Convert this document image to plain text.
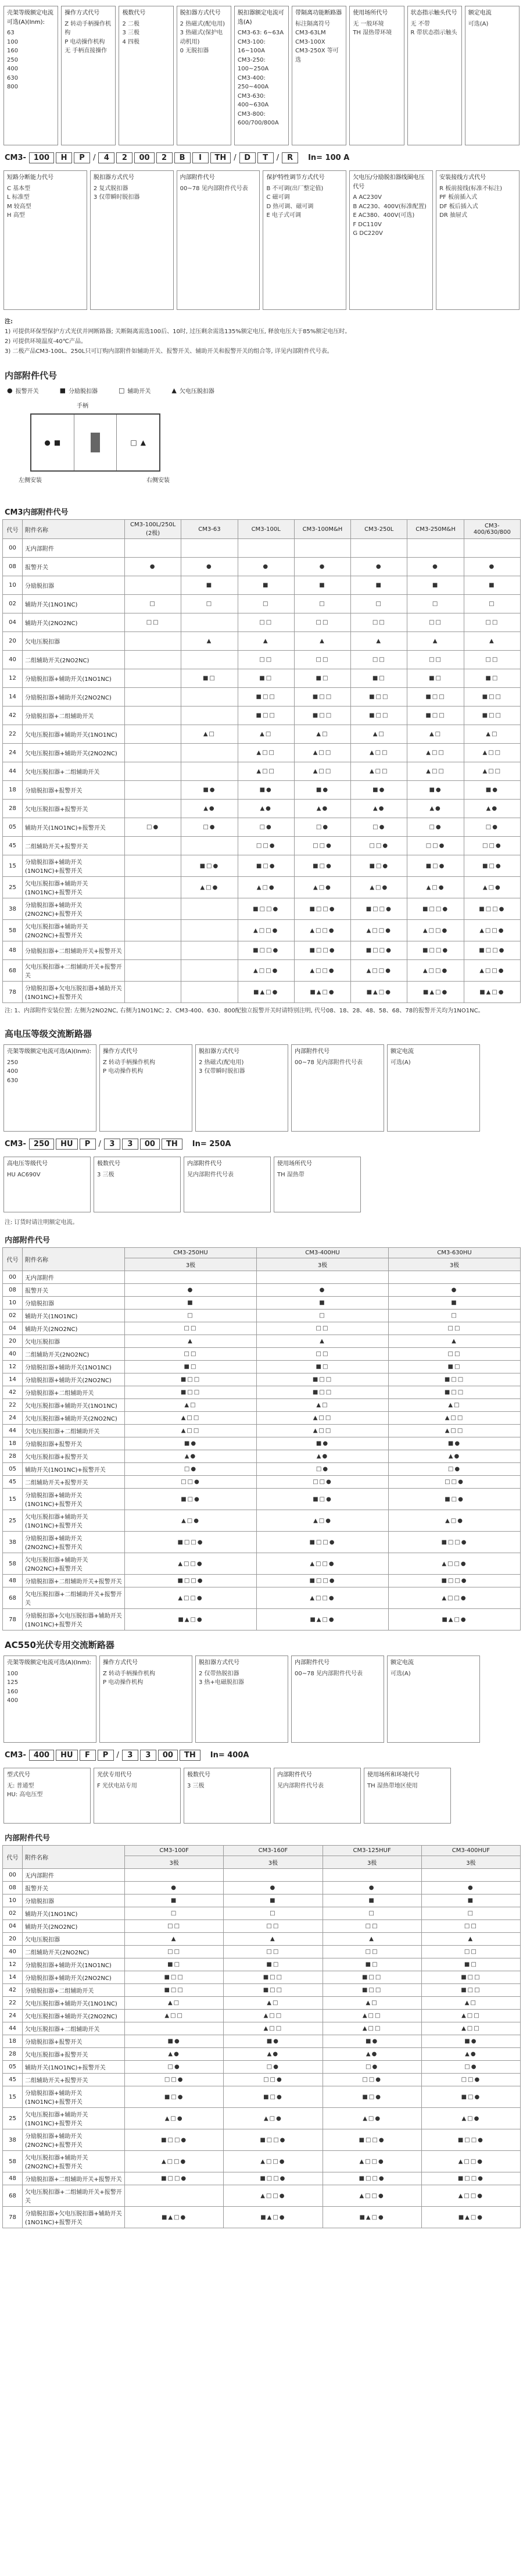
壳架等级额定电流可选(A)(Inm):
63
100
160
250
400
630
800
操作方式代号
Z 转动手柄操作机构
P 电动操作机构
无 手柄直接操作
极数代号
2 二极
3 三极
4 四极
脱扣器方式代号
2 热磁式(配电用)
3 热磁式(保护电动机用)
0 无脱扣器
脱扣器额定电流可选(A)
CM3-63: 6~63A
CM3-100: 16~100A
CM3-250: 100~250A
CM3-400: 250~400A
CM3-630: 400~630A
CM3-800: 600/700/800A
带隔离功能断路器
标注隔离符号
CM3-63LM
CM3-100X
CM3-250X 等可选
使用场所代号
无 一般环境
TH 湿热带环境
状态指示触头代号
无 不带
R 带状态指示触头
额定电流
可选(A)
CM3-	100	H	P	/	4	2	00	2	B	I	TH	/	D	T	/	R	In= 100 A
短路分断能力代号
C 基本型
L 标准型
M 较高型
H 高型
脱扣器方式代号
2 复式脱扣器
3 仅带瞬时脱扣器
内部附件代号
00~78 见内部附件代号表
保护特性调节方式代号
B 不可调(出厂整定值)
C 磁可调
D 热可调、磁可调
E 电子式可调
欠电压/分励脱扣器线圈电压代号
A AC230V
B AC230、400V(标准配置)
E AC380、400V(可选)
F DC110V
G DC220V
安装接线方式代号
R 板前接线(标准不标注)
PF 板前插入式
DF 板后插入式
DR 抽屉式
注:
1) 可提供环保型保护方式光伏并网断路器; 关断隔离需选100后、10时, 过压剩余需选135%额定电压, 释放电压大于85%额定电压时。
2) 可提供环境温度-40℃产品。
3) 二极产品CM3-100L、250L只可订购内部附件如辅助开关、报警开关、辅助开关和报警开关的组合等, 详见内部附件代号表。
内部附件代号
● 报警开关	■ 分励脱扣器	□ 辅助开关	▲ 欠电压脱扣器
手柄
● ■	□ ▲
左侧安装	右侧安装
CM3内部附件代号
代号	附件名称	CM3-100L/250L (2极)	CM3-63	CM3-100L	CM3-100M&H	CM3-250L	CM3-250M&H	CM3-400/630/800
00	无内部附件							
08	报警开关	●	●	●	●	●	●	●
10	分励脱扣器		■	■	■	■	■	■
02	辅助开关(1NO1NC)	□	□	□	□	□	□	□
04	辅助开关(2NO2NC)	□□		□□	□□	□□	□□	□□
20	欠电压脱扣器		▲	▲	▲	▲	▲	▲
40	二组辅助开关(2NO2NC)			□□	□□	□□	□□	□□
12	分励脱扣器+辅助开关(1NO1NC)		■□	■□	■□	■□	■□	■□
14	分励脱扣器+辅助开关(2NO2NC)			■□□	■□□	■□□	■□□	■□□
42	分励脱扣器+二组辅助开关			■□□	■□□	■□□	■□□	■□□
22	欠电压脱扣器+辅助开关(1NO1NC)		▲□	▲□	▲□	▲□	▲□	▲□
24	欠电压脱扣器+辅助开关(2NO2NC)			▲□□	▲□□	▲□□	▲□□	▲□□
44	欠电压脱扣器+二组辅助开关			▲□□	▲□□	▲□□	▲□□	▲□□
18	分励脱扣器+报警开关		■●	■●	■●	■●	■●	■●
28	欠电压脱扣器+报警开关		▲●	▲●	▲●	▲●	▲●	▲●
05	辅助开关(1NO1NC)+报警开关	□●	□●	□●	□●	□●	□●	□●
45	二组辅助开关+报警开关			□□●	□□●	□□●	□□●	□□●
15	分励脱扣器+辅助开关(1NO1NC)+报警开关		■□●	■□●	■□●	■□●	■□●	■□●
25	欠电压脱扣器+辅助开关(1NO1NC)+报警开关		▲□●	▲□●	▲□●	▲□●	▲□●	▲□●
38	分励脱扣器+辅助开关(2NO2NC)+报警开关			■□□●	■□□●	■□□●	■□□●	■□□●
58	欠电压脱扣器+辅助开关(2NO2NC)+报警开关			▲□□●	▲□□●	▲□□●	▲□□●	▲□□●
48	分励脱扣器+二组辅助开关+报警开关			■□□●	■□□●	■□□●	■□□●	■□□●
68	欠电压脱扣器+二组辅助开关+报警开关			▲□□●	▲□□●	▲□□●	▲□□●	▲□□●
78	分励脱扣器+欠电压脱扣器+辅助开关(1NO1NC)+报警开关			■▲□●	■▲□●	■▲□●	■▲□●	■▲□●
注: 1、内部附件安装位置: 左侧为2NO2NC, 右侧为1NO1NC; 2、CM3-400、630、800配独立报警开关时请特别注明, 代号08、18、28、48、58、68、78的报警开关均为1NO1NC。
高电压等级交流断路器
壳架等级额定电流可选(A)(Inm):
250
400
630
操作方式代号
Z 转动手柄操作机构
P 电动操作机构
脱扣器方式代号
2 热磁式(配电用)
3 仅带瞬时脱扣器
内部附件代号
00~78 见内部附件代号表
额定电流
可选(A)
CM3-	250	HU	P	/	3	3	00	TH	In= 250A
高电压等级代号
HU AC690V
极数代号
3 三极
内部附件代号
见内部附件代号表
使用场所代号
TH 湿热带
注: 订货时请注明额定电流。
内部附件代号
代号	附件名称	CM3-250HU	CM3-400HU	CM3-630HU
		3极	3极	3极
00	无内部附件			
08	报警开关	●	●	●
10	分励脱扣器	■	■	■
02	辅助开关(1NO1NC)	□	□	□
04	辅助开关(2NO2NC)	□□	□□	□□
20	欠电压脱扣器	▲	▲	▲
40	二组辅助开关(2NO2NC)	□□	□□	□□
12	分励脱扣器+辅助开关(1NO1NC)	■□	■□	■□
14	分励脱扣器+辅助开关(2NO2NC)	■□□	■□□	■□□
42	分励脱扣器+二组辅助开关	■□□	■□□	■□□
22	欠电压脱扣器+辅助开关(1NO1NC)	▲□	▲□	▲□
24	欠电压脱扣器+辅助开关(2NO2NC)	▲□□	▲□□	▲□□
44	欠电压脱扣器+二组辅助开关	▲□□	▲□□	▲□□
18	分励脱扣器+报警开关	■●	■●	■●
28	欠电压脱扣器+报警开关	▲●	▲●	▲●
05	辅助开关(1NO1NC)+报警开关	□●	□●	□●
45	二组辅助开关+报警开关	□□●	□□●	□□●
15	分励脱扣器+辅助开关(1NO1NC)+报警开关	■□●	■□●	■□●
25	欠电压脱扣器+辅助开关(1NO1NC)+报警开关	▲□●	▲□●	▲□●
38	分励脱扣器+辅助开关(2NO2NC)+报警开关	■□□●	■□□●	■□□●
58	欠电压脱扣器+辅助开关(2NO2NC)+报警开关	▲□□●	▲□□●	▲□□●
48	分励脱扣器+二组辅助开关+报警开关	■□□●	■□□●	■□□●
68	欠电压脱扣器+二组辅助开关+报警开关	▲□□●	▲□□●	▲□□●
78	分励脱扣器+欠电压脱扣器+辅助开关(1NO1NC)+报警开关	■▲□●	■▲□●	■▲□●
AC550光伏专用交流断路器
壳架等级额定电流可选(A)(Inm):
100
125
160
400
操作方式代号
Z 转动手柄操作机构
P 电动操作机构
脱扣器方式代号
2 仅带热脱扣器
3 热+电磁脱扣器
内部附件代号
00~78 见内部附件代号表
额定电流
可选(A)
CM3-	400	HU	F	P	/	3	3	00	TH	In= 400A
型式代号
无: 普通型
HU: 高电压型
光伏专用代号
F 光伏电站专用
极数代号
3 三极
内部附件代号
见内部附件代号表
使用场所和环境代号
TH 湿热带地区使用
内部附件代号
代号	附件名称	CM3-100F	CM3-160F	CM3-125HUF	CM3-400HUF
		3极	3极	3极	3极
00	无内部附件				
08	报警开关	●	●	●	●
10	分励脱扣器	■	■	■	■
02	辅助开关(1NO1NC)	□	□	□	□
04	辅助开关(2NO2NC)	□□	□□	□□	□□
20	欠电压脱扣器	▲	▲	▲	▲
40	二组辅助开关(2NO2NC)	□□	□□	□□	□□
12	分励脱扣器+辅助开关(1NO1NC)	■□	■□	■□	■□
14	分励脱扣器+辅助开关(2NO2NC)	■□□	■□□	■□□	■□□
42	分励脱扣器+二组辅助开关	■□□	■□□	■□□	■□□
22	欠电压脱扣器+辅助开关(1NO1NC)	▲□	▲□	▲□	▲□
24	欠电压脱扣器+辅助开关(2NO2NC)	▲□□	▲□□	▲□□	▲□□
44	欠电压脱扣器+二组辅助开关		▲□□	▲□□	▲□□
18	分励脱扣器+报警开关	■●	■●	■●	■●
28	欠电压脱扣器+报警开关	▲●	▲●	▲●	▲●
05	辅助开关(1NO1NC)+报警开关	□●	□●	□●	□●
45	二组辅助开关+报警开关	□□●	□□●	□□●	□□●
15	分励脱扣器+辅助开关(1NO1NC)+报警开关	■□●	■□●	■□●	■□●
25	欠电压脱扣器+辅助开关(1NO1NC)+报警开关	▲□●	▲□●	▲□●	▲□●
38	分励脱扣器+辅助开关(2NO2NC)+报警开关	■□□●	■□□●	■□□●	■□□●
58	欠电压脱扣器+辅助开关(2NO2NC)+报警开关	▲□□●	▲□□●	▲□□●	▲□□●
48	分励脱扣器+二组辅助开关+报警开关	■□□●	■□□●	■□□●	■□□●
68	欠电压脱扣器+二组辅助开关+报警开关		▲□□●	▲□□●	▲□□●
78	分励脱扣器+欠电压脱扣器+辅助开关(1NO1NC)+报警开关	■▲□●	■▲□●	■▲□●	■▲□●
